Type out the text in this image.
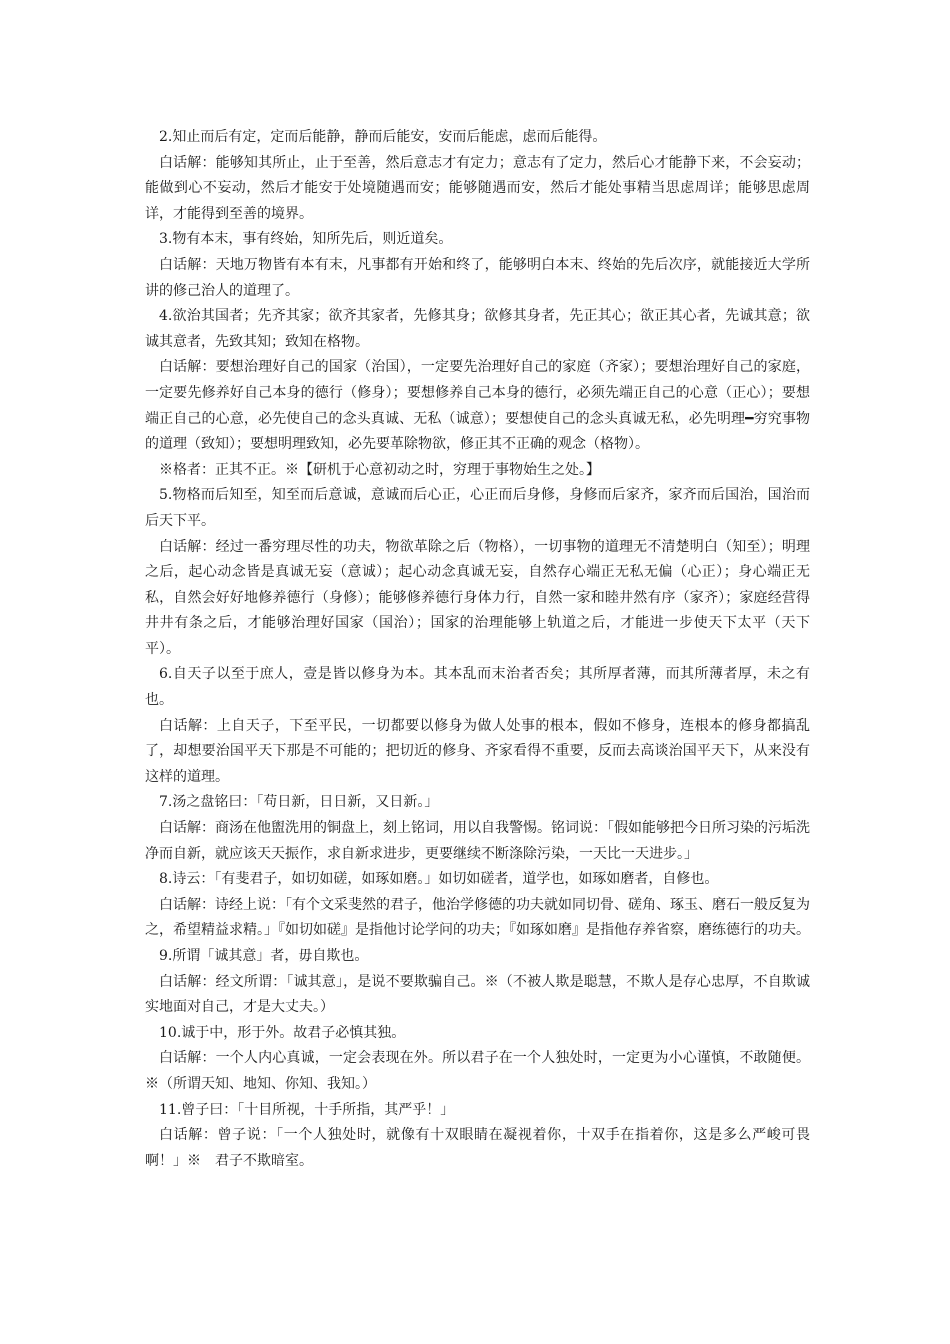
2.知止而后有定，定而后能静，静而后能安，安而后能虑，虑而后能得。

白话解：能够知其所止，止于至善，然后意志才有定力；意志有了定力，然后心才能静下来，不会妄动；能做到心不妄动，然后才能安于处境随遇而安；能够随遇而安，然后才能处事精当思虑周详；能够思虑周详，才能得到至善的境界。

3.物有本末，事有终始，知所先后，则近道矣。

白话解：天地万物皆有本有末，凡事都有开始和终了，能够明白本末、终始的先后次序，就能接近大学所讲的修己治人的道理了。

4.欲治其国者；先齐其家；欲齐其家者，先修其身；欲修其身者，先正其心；欲正其心者，先诚其意；欲诚其意者，先致其知；致知在格物。

白话解：要想治理好自己的国家（治国），一定要先治理好自己的家庭（齐家）；要想治理好自己的家庭，一定要先修养好自己本身的德行（修身）；要想修养自己本身的德行，必须先端正自己的心意（正心）；要想端正自己的心意，必先使自己的念头真诚、无私（诚意）；要想使自己的念头真诚无私，必先明理━穷究事物的道理（致知）；要想明理致知，必先要革除物欲，修正其不正确的观念（格物）。

※格者：正其不正。※【研机于心意初动之时，穷理于事物始生之处。】

5.物格而后知至，知至而后意诚，意诚而后心正，心正而后身修，身修而后家齐，家齐而后国治，国治而后天下平。

白话解：经过一番穷理尽性的功夫，物欲革除之后（物格），一切事物的道理无不清楚明白（知至）；明理之后，起心动念皆是真诚无妄（意诚）；起心动念真诚无妄，自然存心端正无私无偏（心正）；身心端正无私，自然会好好地修养德行（身修）；能够修养德行身体力行，自然一家和睦井然有序（家齐）；家庭经营得井井有条之后，才能够治理好国家（国治）；国家的治理能够上轨道之后，才能进一步使天下太平（天下平）。

6.自天子以至于庶人，壹是皆以修身为本。其本乱而末治者否矣；其所厚者薄，而其所薄者厚，未之有也。

白话解：上自天子，下至平民，一切都要以修身为做人处事的根本，假如不修身，连根本的修身都搞乱了，却想要治国平天下那是不可能的；把切近的修身、齐家看得不重要，反而去高谈治国平天下，从来没有这样的道理。

7.汤之盘铭曰：「苟日新，日日新，又日新。」

白话解：商汤在他盥洗用的铜盘上，刻上铭词，用以自我警惕。铭词说：「假如能够把今日所习染的污垢洗净而自新，就应该天天振作，求自新求进步，更要继续不断涤除污染，一天比一天进步。」

8.诗云：「有斐君子，如切如磋，如琢如磨。」如切如磋者，道学也，如琢如磨者，自修也。

白话解：诗经上说：「有个文采斐然的君子，他治学修德的功夫就如同切骨、磋角、琢玉、磨石一般反复为之，希望精益求精。」『如切如磋』是指他讨论学问的功夫；『如琢如磨』是指他存养省察，磨练德行的功夫。

9.所谓「诚其意」者，毋自欺也。

白话解：经文所谓：「诚其意」，是说不要欺骗自己。※（不被人欺是聪慧，不欺人是存心忠厚，不自欺诚实地面对自己，才是大丈夫。）

10.诚于中，形于外。故君子必慎其独。

白话解：一个人内心真诚，一定会表现在外。所以君子在一个人独处时，一定更为小心谨慎，不敢随便。※（所谓天知、地知、你知、我知。）

11.曾子曰：「十目所视，十手所指，其严乎！」

白话解：曾子说：「一个人独处时，就像有十双眼睛在凝视着你，十双手在指着你，这是多么严峻可畏啊！」※　君子不欺暗室。
